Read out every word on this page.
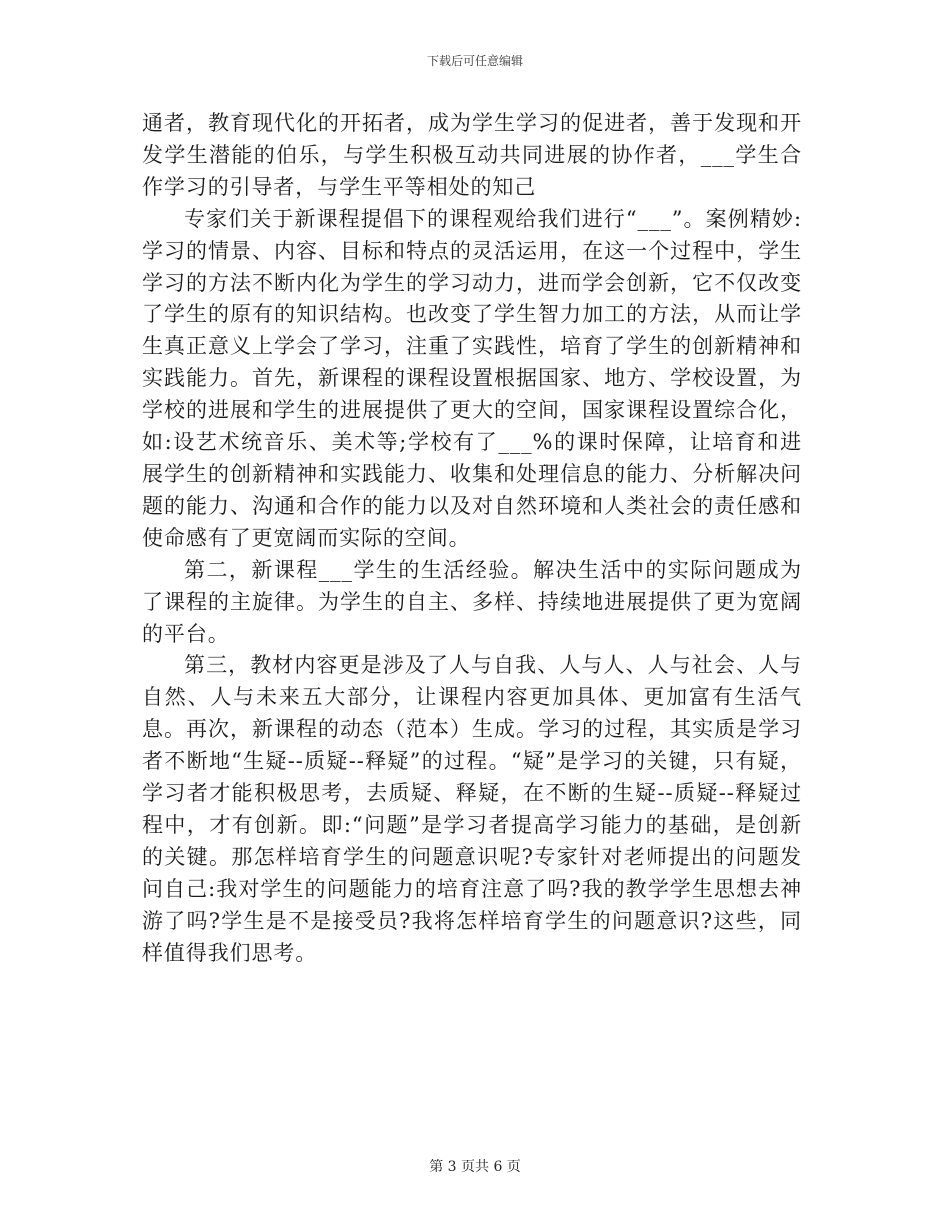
下载后可任意编辑

通者，教育现代化的开拓者，成为学生学习的促进者，善于发现和开发学生潜能的伯乐，与学生积极互动共同进展的协作者，___学生合作学习的引导者，与学生平等相处的知己

专家们关于新课程提倡下的课程观给我们进行“___”。案例精妙:学习的情景、内容、目标和特点的灵活运用，在这一个过程中，学生学习的方法不断内化为学生的学习动力，进而学会创新，它不仅改变了学生的原有的知识结构。也改变了学生智力加工的方法，从而让学生真正意义上学会了学习，注重了实践性，培育了学生的创新精神和实践能力。首先，新课程的课程设置根据国家、地方、学校设置，为学校的进展和学生的进展提供了更大的空间，国家课程设置综合化，如:设艺术统音乐、美术等;学校有了___%的课时保障，让培育和进展学生的创新精神和实践能力、收集和处理信息的能力、分析解决问题的能力、沟通和合作的能力以及对自然环境和人类社会的责任感和使命感有了更宽阔而实际的空间。

第二，新课程___学生的生活经验。解决生活中的实际问题成为了课程的主旋律。为学生的自主、多样、持续地进展提供了更为宽阔的平台。

第三，教材内容更是涉及了人与自我、人与人、人与社会、人与自然、人与未来五大部分，让课程内容更加具体、更加富有生活气息。再次，新课程的动态（范本）生成。学习的过程，其实质是学习者不断地“生疑--质疑--释疑”的过程。“疑”是学习的关键，只有疑，学习者才能积极思考，去质疑、释疑，在不断的生疑--质疑--释疑过程中，才有创新。即:“问题”是学习者提高学习能力的基础，是创新的关键。那怎样培育学生的问题意识呢?专家针对老师提出的问题发问自己:我对学生的问题能力的培育注意了吗?我的教学学生思想去神游了吗?学生是不是接受员?我将怎样培育学生的问题意识?这些，同样值得我们思考。

第 3 页共 6 页
